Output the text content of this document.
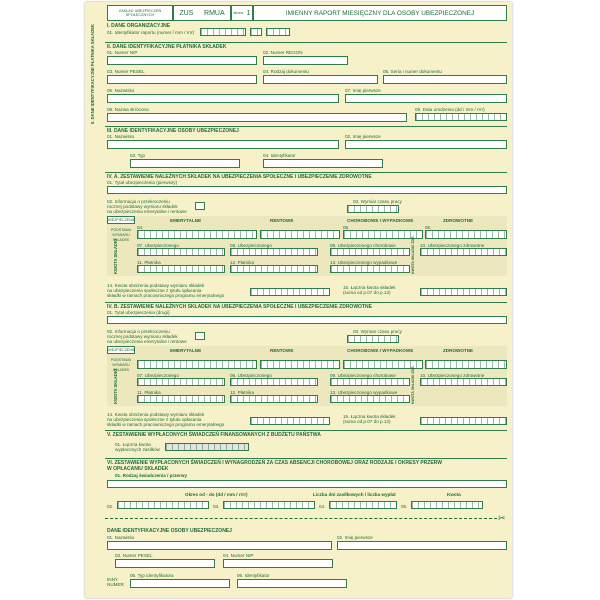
ZAKŁAD UBEZPIECZEŃ SPOŁECZNYCH	ZUS RMUA	strona 1	IMIENNY RAPORT MIESIĘCZNY DLA OSOBY UBEZPIECZONEJ
I. DANE ORGANIZACYJNE
01. Identyfikator raportu (numer / mm / rrrr)
II. DANE IDENTYFIKACYJNE PŁATNIKA SKŁADEK II. DANE IDENTYFIKACYJNE PŁATNIKA SKŁADEK
01. Numer NIP	02. Numer REGON
03. Numer PESEL	04. Rodzaj dokumentu	05. Seria i numer dokumentu
06. Nazwisko	07. Imię pierwsze
08. Nazwa skrócona	09. Data urodzenia (dd / mm / rrrr)
III. DANE IDENTYFIKACYJNE OSOBY UBEZPIECZONEJ
01. Nazwisko	02. Imię pierwsze
03. Typ	04. Identyfikator
IV. A. ZESTAWIENIE NALEŻNYCH SKŁADEK NA UBEZPIECZENIA SPOŁECZNE I UBEZPIECZENIE ZDROWOTNE
01. Tytuł ubezpieczenia (pierwszy)
02. Informacja o przekroczeniu
rocznej podstawy wymiaru składek
na ubezpieczenia emerytalne i rentowe
03. Wymiar czasu pracy
UBEZPIECZENIE	EMERYTALNE	RENTOWE	CHOROBOWE I WYPADKOWE	ZDROWOTNE
PODSTAWA WYMIARU SKŁADEK
04.	05.	06.
KWOTA SKŁADKI	07. Ubezpieczonego	08. Ubezpieczonego	09. Ubezpieczonego chorobowe	10. Ubezpieczonego zdrowotne
11. Płatnika	12. Płatnika	13. Ubezpieczonego wypadkowe	KWOTA SKŁADKI ZDR.
14. Kwota obniżenia podstawy wymiaru składek
na ubezpieczenia społeczne z tytułu opłacania
składki w ramach pracowniczego programu emerytalnego
15. Łączna kwota składek
(suma od p.07 do p.13)
IV. B. ZESTAWIENIE NALEŻNYCH SKŁADEK NA UBEZPIECZENIA SPOŁECZNE I UBEZPIECZENIE ZDROWOTNE
01. Tytuł ubezpieczenia (drugi)
02. Informacja o przekroczeniu
rocznej podstawy wymiaru składek
na ubezpieczenia emerytalne i rentowe
03. Wymiar czasu pracy
UBEZPIECZENIE	EMERYTALNE	RENTOWE	CHOROBOWE I WYPADKOWE	ZDROWOTNE
PODSTAWA WYMIARU SKŁADEK
KWOTA SKŁADKI	07. Ubezpieczonego	08. Ubezpieczonego	09. Ubezpieczonego chorobowe	10. Ubezpieczonego zdrowotne
11. Płatnika	12. Płatnika	13. Ubezpieczonego wypadkowe	KWOTA SKŁADKI ZDR.
14. Kwota obniżenia podstawy wymiaru składek
na ubezpieczenia społeczne z tytułu opłacania
składki w ramach pracowniczego programu emerytalnego
15. Łączna kwota składek
(suma od p.07 do p.13)
V. ZESTAWIENIE WYPŁACONYCH ŚWIADCZEŃ FINANSOWANYCH Z BUDŻETU PAŃSTWA
01. Łączna kwota
wypłaconych zasiłków
VI. ZESTAWIENIE WYPŁACONYCH ŚWIADCZEŃ I WYNAGRODZEŃ ZA CZAS ABSENCJI CHOROBOWEJ ORAZ RODZAJE I OKRESY PRZERW
W OPŁACANIU SKŁADEK
01. Rodzaj świadczenia / przerwy
Okres od - do (dd / mm / rrrr)	Liczba dni zasiłkowych / liczba wypłat	Kwota
02.	03.	04.	05.
✂
DANE IDENTYFIKACYJNE OSOBY UBEZPIECZONEJ
01. Nazwisko	02. Imię pierwsze
03. Numer PESEL	04. Numer NIP
INNY
NUMER
05. Typ identyfikatora	06. Identyfikator
